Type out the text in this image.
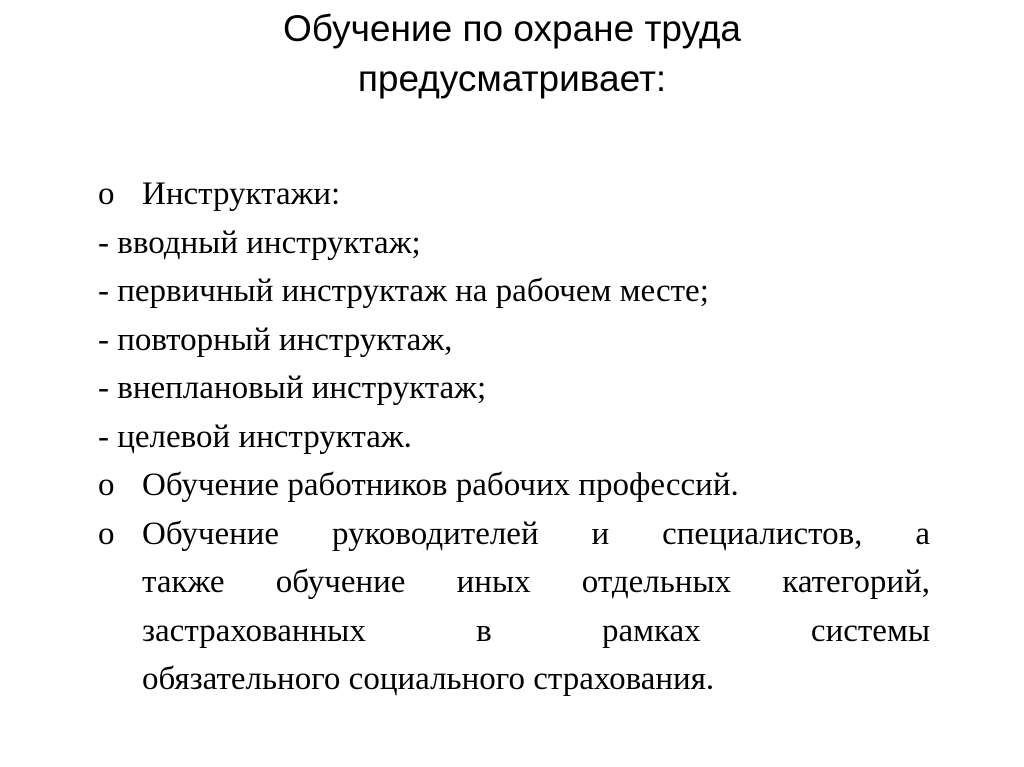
Обучение по охране труда
предусматривает:
o Инструктажи:
- вводный инструктаж;
- первичный инструктаж на рабочем месте;
- повторный инструктаж,
- внеплановый инструктаж;
- целевой инструктаж.
o Обучение работников рабочих профессий.
o Обучение руководителей и специалистов, а
также обучение иных отдельных категорий,
застрахованных в рамках системы
обязательного социального страхования.
